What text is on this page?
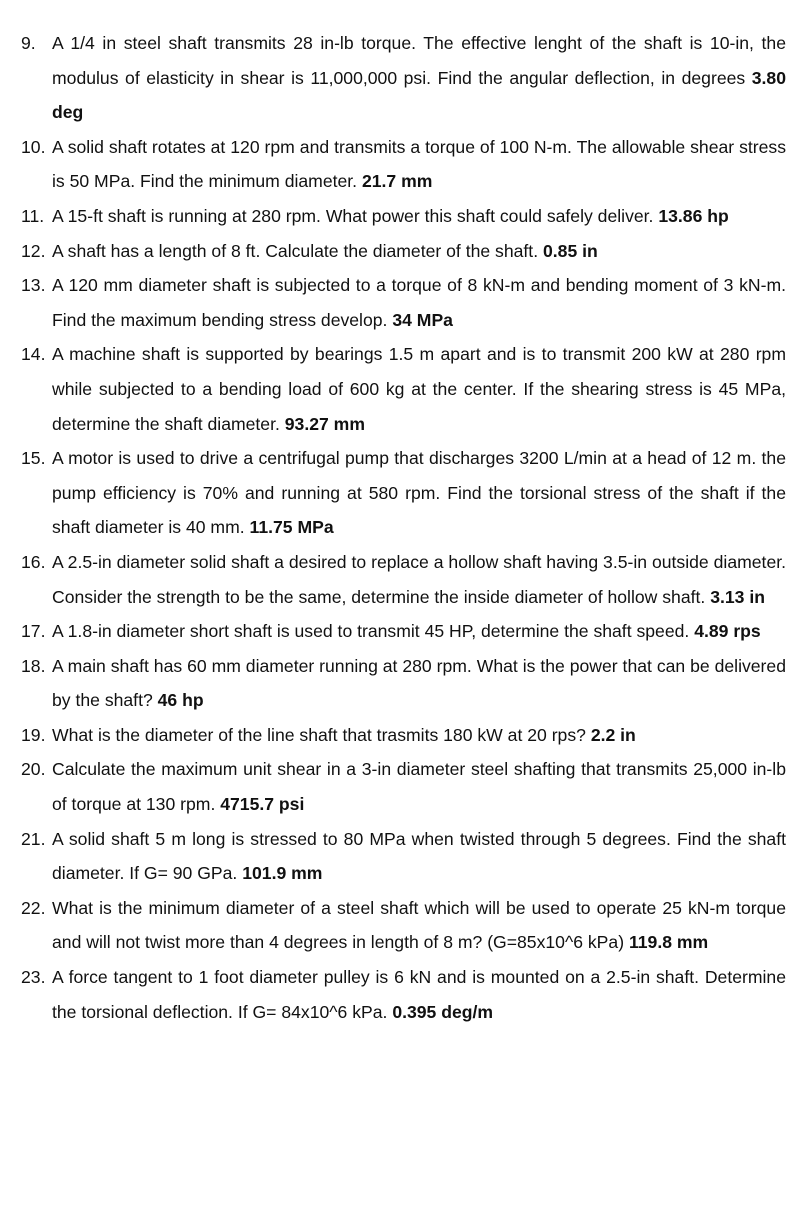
9. A 1/4 in steel shaft transmits 28 in-lb torque. The effective lenght of the shaft is 10-in, the modulus of elasticity in shear is 11,000,000 psi. Find the angular deflection, in degrees 3.80 deg
10. A solid shaft rotates at 120 rpm and transmits a torque of 100 N-m. The allowable shear stress is 50 MPa. Find the minimum diameter. 21.7 mm
11. A 15-ft shaft is running at 280 rpm. What power this shaft could safely deliver. 13.86 hp
12. A shaft has a length of 8 ft. Calculate the diameter of the shaft. 0.85 in
13. A 120 mm diameter shaft is subjected to a torque of 8 kN-m and bending moment of 3 kN-m. Find the maximum bending stress develop. 34 MPa
14. A machine shaft is supported by bearings 1.5 m apart and is to transmit 200 kW at 280 rpm while subjected to a bending load of 600 kg at the center. If the shearing stress is 45 MPa, determine the shaft diameter. 93.27 mm
15. A motor is used to drive a centrifugal pump that discharges 3200 L/min at a head of 12 m. the pump efficiency is 70% and running at 580 rpm. Find the torsional stress of the shaft if the shaft diameter is 40 mm. 11.75 MPa
16. A 2.5-in diameter solid shaft a desired to replace a hollow shaft having 3.5-in outside diameter. Consider the strength to be the same, determine the inside diameter of hollow shaft. 3.13 in
17. A 1.8-in diameter short shaft is used to transmit 45 HP, determine the shaft speed. 4.89 rps
18. A main shaft has 60 mm diameter running at 280 rpm. What is the power that can be delivered by the shaft? 46 hp
19. What is the diameter of the line shaft that trasmits 180 kW at 20 rps? 2.2 in
20. Calculate the maximum unit shear in a 3-in diameter steel shafting that transmits 25,000 in-lb of torque at 130 rpm. 4715.7 psi
21. A solid shaft 5 m long is stressed to 80 MPa when twisted through 5 degrees. Find the shaft diameter. If G= 90 GPa. 101.9 mm
22. What is the minimum diameter of a steel shaft which will be used to operate 25 kN-m torque and will not twist more than 4 degrees in length of 8 m? (G=85x10^6 kPa) 119.8 mm
23. A force tangent to 1 foot diameter pulley is 6 kN and is mounted on a 2.5-in shaft. Determine the torsional deflection. If G= 84x10^6 kPa. 0.395 deg/m
